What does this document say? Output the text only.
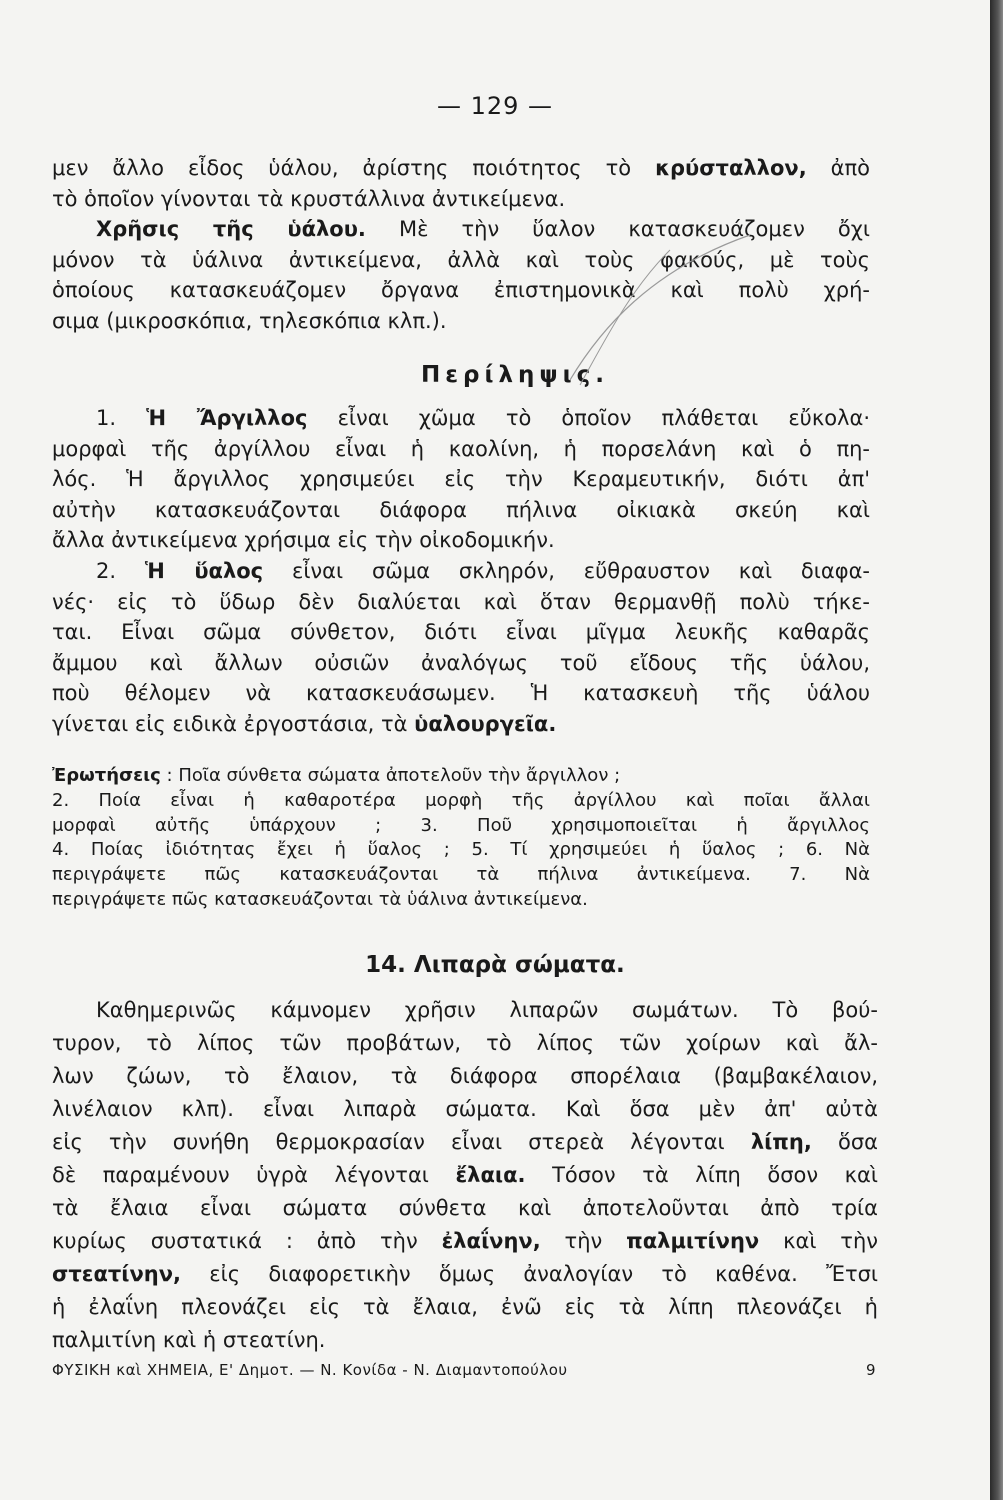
— 129 —
μεν ἄλλο εἶδος ὑάλου, ἀρίστης ποιότητος τὸ κρύσταλλον, ἀπὸ
τὸ ὁποῖον γίνονται τὰ κρυστάλλινα ἀντικείμενα.
Χρῆσις τῆς ὑάλου. Μὲ τὴν ὕαλον κατασκευάζομεν ὄχι
μόνον τὰ ὑάλινα ἀντικείμενα, ἀλλὰ καὶ τοὺς φακούς, μὲ τοὺς
ὁποίους κατασκευάζομεν ὄργανα ἐπιστημονικὰ καὶ πολὺ χρή-
σιμα (μικροσκόπια, τηλεσκόπια κλπ.).
Περίληψις.
1. Ἡ Ἄργιλλος εἶναι χῶμα τὸ ὁποῖον πλάθεται εὔκολα·
μορφαὶ τῆς ἀργίλλου εἶναι ἡ καολίνη, ἡ πορσελάνη καὶ ὁ πη-
λός. Ἡ ἄργιλλος χρησιμεύει εἰς τὴν Κεραμευτικήν, διότι ἀπ'
αὐτὴν κατασκευάζονται διάφορα πήλινα οἰκιακὰ σκεύη καὶ
ἄλλα ἀντικείμενα χρήσιμα εἰς τὴν οἰκοδομικήν.
2. Ἡ ὕαλος εἶναι σῶμα σκληρόν, εὔθραυστον καὶ διαφα-
νές· εἰς τὸ ὕδωρ δὲν διαλύεται καὶ ὅταν θερμανθῇ πολὺ τήκε-
ται. Εἶναι σῶμα σύνθετον, διότι εἶναι μῖγμα λευκῆς καθαρᾶς
ἄμμου καὶ ἄλλων οὐσιῶν ἀναλόγως τοῦ εἴδους τῆς ὑάλου,
ποὺ θέλομεν νὰ κατασκευάσωμεν. Ἡ κατασκευὴ τῆς ὑάλου
γίνεται εἰς ειδικὰ ἐργοστάσια, τὰ ὑαλουργεῖα.
Ἐρωτήσεις : Ποῖα σύνθετα σώματα ἀποτελοῦν τὴν ἄργιλλον ;
2. Ποία εἶναι ἡ καθαροτέρα μορφὴ τῆς ἀργίλλου καὶ ποῖαι ἄλλαι
μορφαὶ αὐτῆς ὑπάρχουν ; 3. Ποῦ χρησιμοποιεῖται ἡ ἄργιλλος
4. Ποίας ἰδιότητας ἔχει ἡ ὕαλος ; 5. Τί χρησιμεύει ἡ ὕαλος ; 6. Νὰ
περιγράψετε πῶς κατασκευάζονται τὰ πήλινα ἀντικείμενα. 7. Νὰ
περιγράψετε πῶς κατασκευάζονται τὰ ὑάλινα ἀντικείμενα.
14. Λιπαρὰ σώματα.
Καθημερινῶς κάμνομεν χρῆσιν λιπαρῶν σωμάτων. Τὸ βού-
τυρον, τὸ λίπος τῶν προβάτων, τὸ λίπος τῶν χοίρων καὶ ἄλ-
λων ζώων, τὸ ἔλαιον, τὰ διάφορα σπορέλαια (βαμβακέλαιον,
λινέλαιον κλπ). εἶναι λιπαρὰ σώματα. Καὶ ὅσα μὲν ἀπ' αὐτὰ
εἰς τὴν συνήθη θερμοκρασίαν εἶναι στερεὰ λέγονται λίπη, ὅσα
δὲ παραμένουν ὑγρὰ λέγονται ἔλαια. Τόσον τὰ λίπη ὅσον καὶ
τὰ ἔλαια εἶναι σώματα σύνθετα καὶ ἀποτελοῦνται ἀπὸ τρία
κυρίως συστατικά : ἀπὸ τὴν ἐλαΐνην, τὴν παλμιτίνην καὶ τὴν
στεατίνην, εἰς διαφορετικὴν ὅμως ἀναλογίαν τὸ καθένα. Ἔτσι
ἡ ἐλαΐνη πλεονάζει εἰς τὰ ἔλαια, ἐνῶ εἰς τὰ λίπη πλεονάζει ἡ
παλμιτίνη καὶ ἡ στεατίνη.
ΦΥΣΙΚΗ καὶ ΧΗΜΕΙΑ, Ε' Δημοτ. — Ν. Κονίδα - Ν. Διαμαντοπούλου	9
